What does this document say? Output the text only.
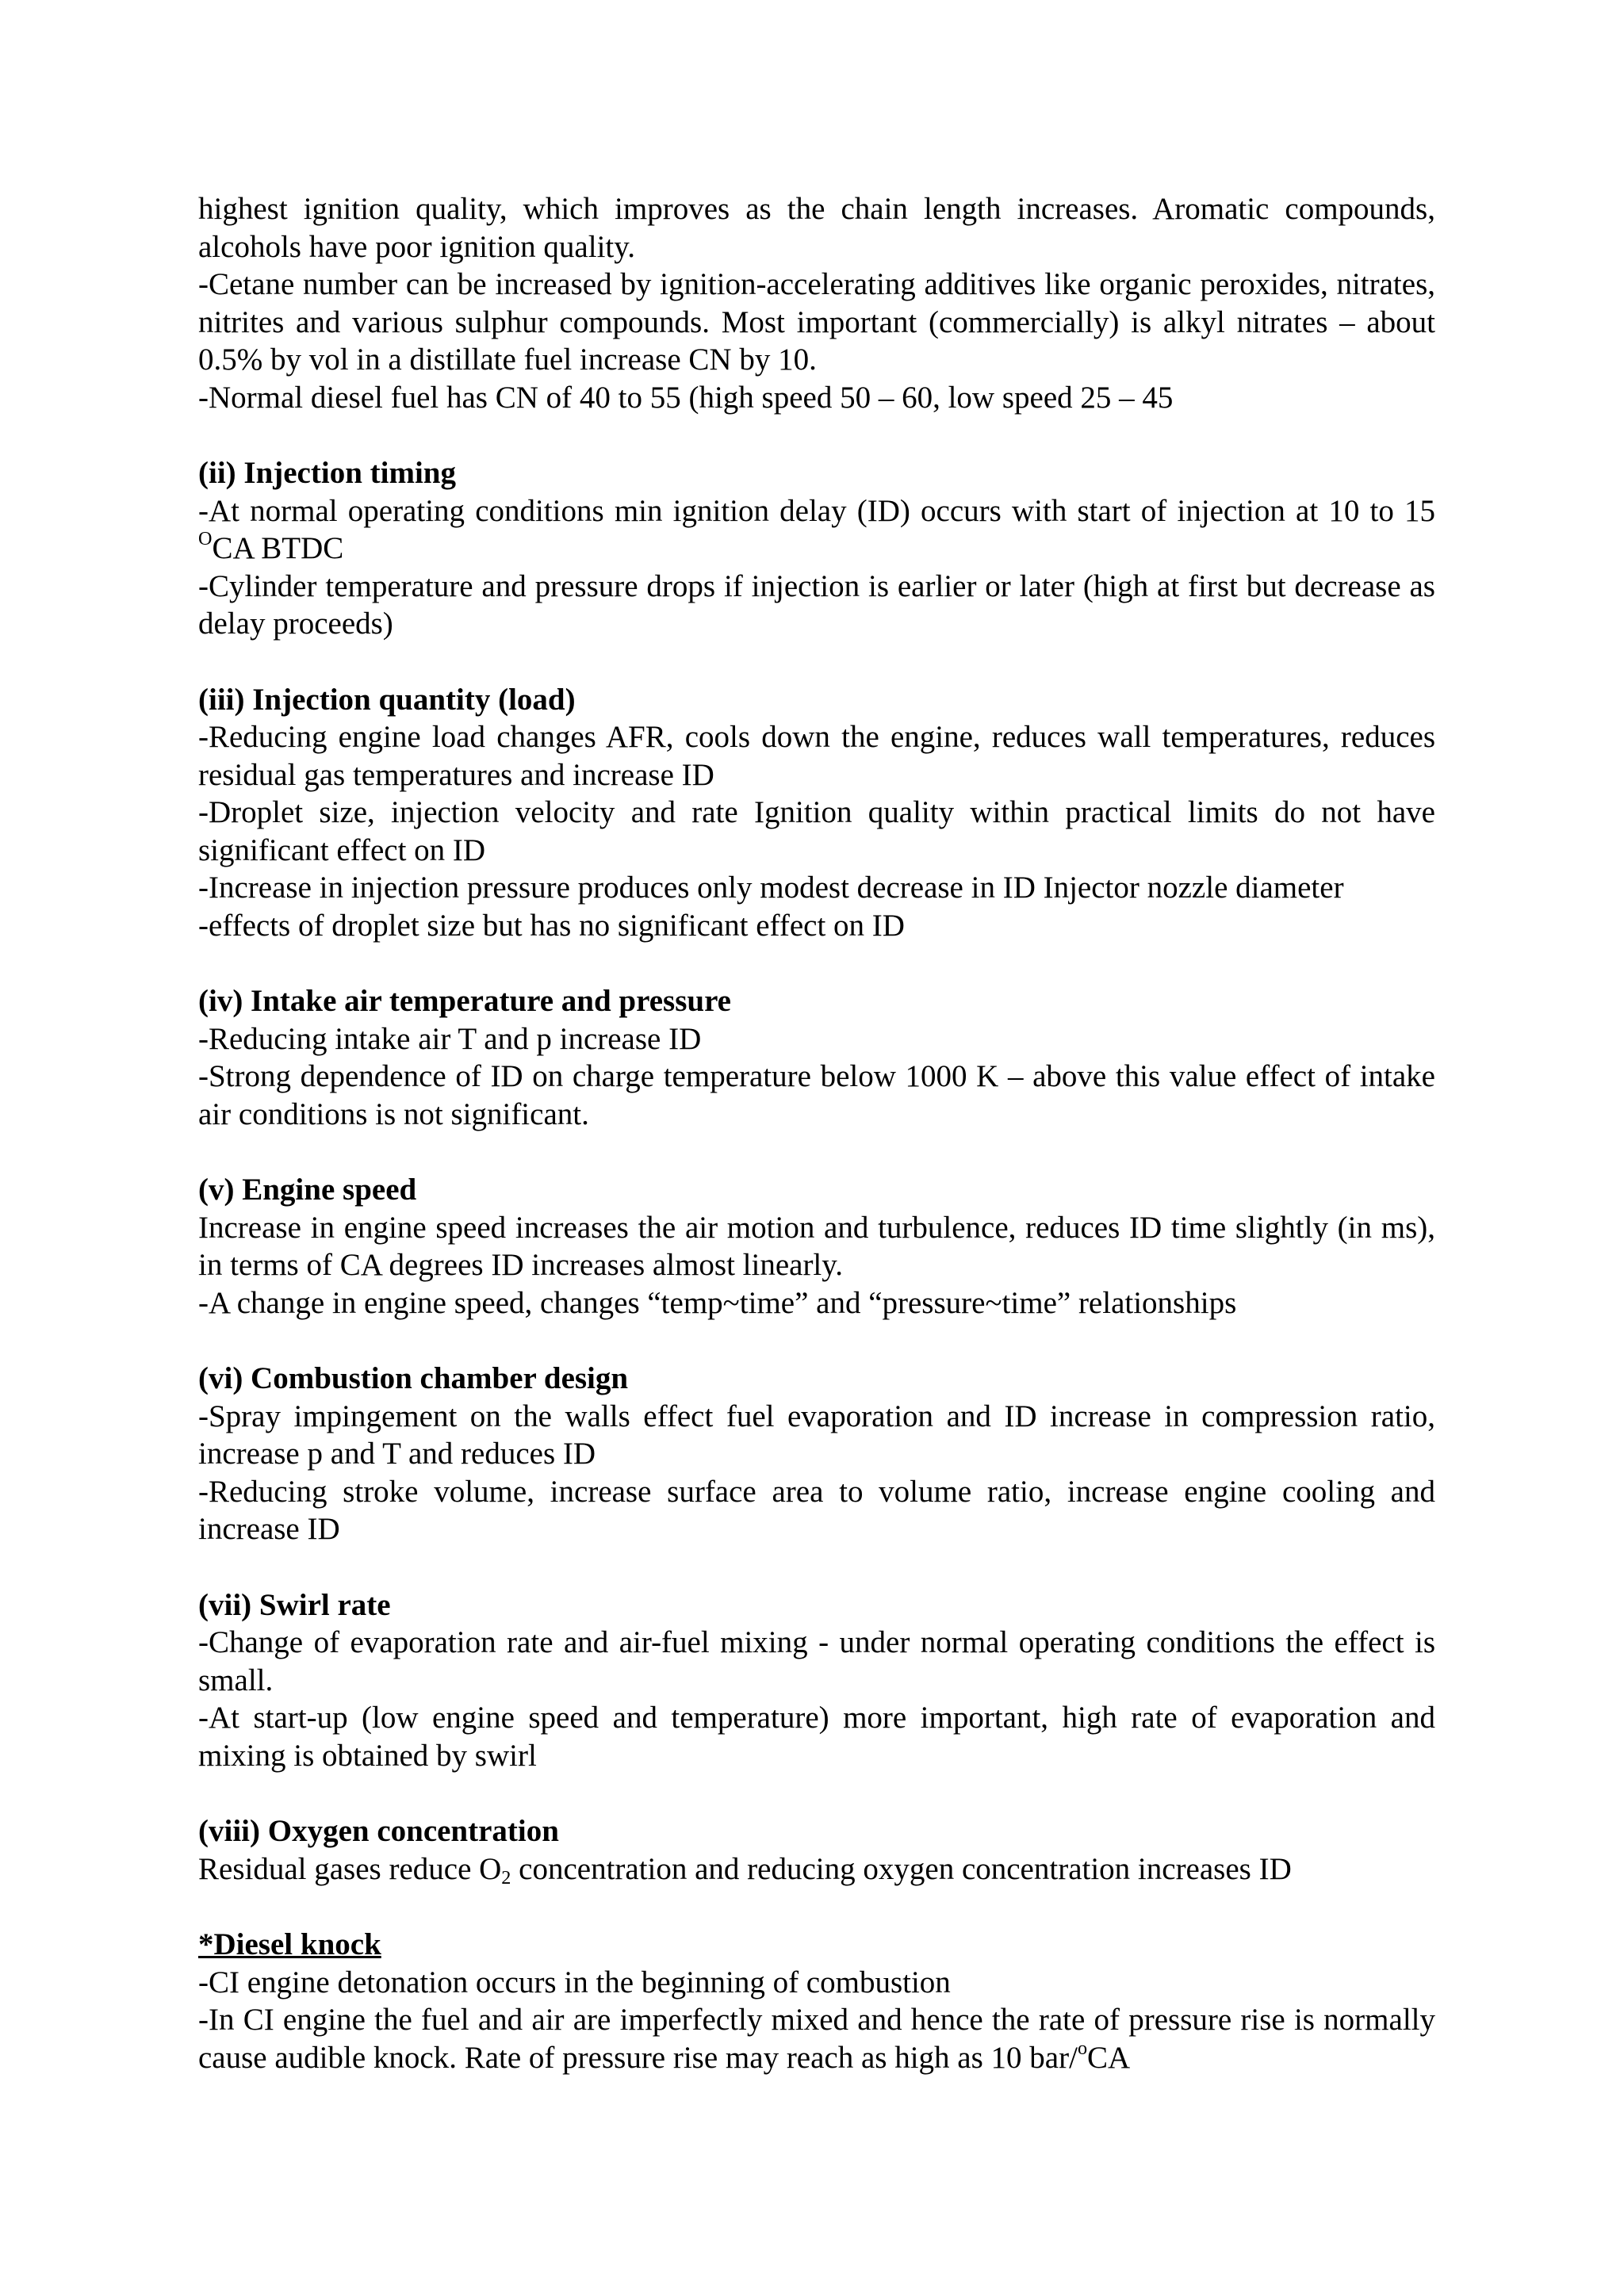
highest ignition quality, which improves as the chain length increases. Aromatic compounds, alcohols have poor ignition quality.

-Cetane number can be increased by ignition-accelerating additives like organic peroxides, nitrates, nitrites and various sulphur compounds. Most important (commercially) is alkyl nitrates – about 0.5% by vol in a distillate fuel increase CN by 10.

-Normal diesel fuel has CN of 40 to 55 (high speed 50 – 60, low speed 25 – 45

(ii) Injection timing

-At normal operating conditions min ignition delay (ID) occurs with start of injection at 10 to 15 $^O$CA BTDC

-Cylinder temperature and pressure drops if injection is earlier or later (high at first but decrease as delay proceeds)

(iii) Injection quantity (load)

-Reducing engine load changes AFR, cools down the engine, reduces wall temperatures, reduces residual gas temperatures and increase ID

-Droplet size, injection velocity and rate Ignition quality within practical limits do not have significant effect on ID

-Increase in injection pressure produces only modest decrease in ID Injector nozzle diameter

-effects of droplet size but has no significant effect on ID

(iv) Intake air temperature and pressure

-Reducing intake air T and p increase ID

-Strong dependence of ID on charge temperature below 1000 K – above this value effect of intake air conditions is not significant.

(v) Engine speed

Increase in engine speed increases the air motion and turbulence, reduces ID time slightly (in ms), in terms of CA degrees ID increases almost linearly.

-A change in engine speed, changes “temp~time” and “pressure~time” relationships

(vi) Combustion chamber design

-Spray impingement on the walls effect fuel evaporation and ID increase in compression ratio, increase p and T and reduces ID

-Reducing stroke volume, increase surface area to volume ratio, increase engine cooling and increase ID

(vii) Swirl rate

-Change of evaporation rate and air-fuel mixing - under normal operating conditions the effect is small.

-At start-up (low engine speed and temperature) more important, high rate of evaporation and mixing is obtained by swirl

(viii) Oxygen concentration

Residual gases reduce $O_2$ concentration and reducing oxygen concentration increases ID

*Diesel knock

-CI engine detonation occurs in the beginning of combustion

-In CI engine the fuel and air are imperfectly mixed and hence the rate of pressure rise is normally cause audible knock. Rate of pressure rise may reach as high as 10 bar/$^o$CA
